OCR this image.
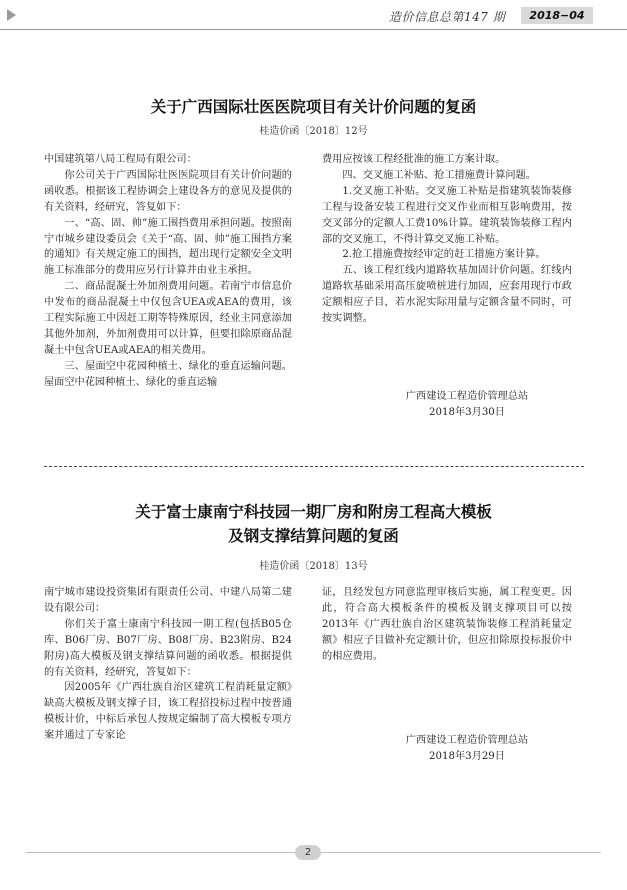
造价信息总第147 期	2018−04
关于广西国际壮医医院项目有关计价问题的复函
桂造价函〔2018〕12号

中国建筑第八局工程局有限公司：

你公司关于广西国际壮医医院项目有关计价问题的函收悉。根据该工程协调会上建设各方的意见及提供的有关资料，经研究，答复如下：

一、“高、固、帅”施工围挡费用承担问题。按照南宁市城乡建设委员会《关于“高、固、帅”施工围挡方案的通知》有关规定施工的围挡，超出现行定额安全文明施工标准部分的费用应另行计算并由业主承担。

二、商品混凝土外加剂费用问题。若南宁市信息价中发布的商品混凝土中仅包含UEA或AEA的费用，该工程实际施工中因赶工期等特殊原因，经业主同意添加其他外加剂，外加剂费用可以计算，但要扣除原商品混凝土中包含UEA或AEA的相关费用。

三、屋面空中花园种植土、绿化的垂直运输问题。屋面空中花园种植土、绿化的垂直运输

费用应按该工程经批准的施工方案计取。

四、交叉施工补贴、抢工措施费计算问题。

1.交叉施工补贴。交叉施工补贴是指建筑装饰装修工程与设备安装工程进行交叉作业而相互影响费用，按交叉部分的定额人工费10%计算。建筑装饰装修工程内部的交叉施工，不得计算交叉施工补贴。

2.抢工措施费按经审定的赶工措施方案计算。

五、该工程红线内道路软基加固计价问题。红线内道路软基础采用高压旋喷桩进行加固，应套用现行市政定额相应子目，若水泥实际用量与定额含量不同时，可按实调整。

广西建设工程造价管理总站

2018年3月30日

关于富士康南宁科技园一期厂房和附房工程高大模板
及钢支撑结算问题的复函
桂造价函〔2018〕13号

南宁城市建设投资集团有限责任公司、中建八局第二建设有限公司：

你们关于富士康南宁科技园一期工程(包括B05仓库、B06厂房、B07厂房、B08厂房、B23附房、B24附房)高大模板及钢支撑结算问题的函收悉。根据提供的有关资料，经研究，答复如下：

因2005年《广西壮族自治区建筑工程消耗量定额》缺高大模板及钢支撑子目，该工程招投标过程中按普通模板计价，中标后承包人按规定编制了高大模板专项方案并通过了专家论

证，且经发包方同意监理审核后实施，属工程变更。因此，符合高大模板条件的模板及钢支撑项目可以按2013年《广西壮族自治区建筑装饰装修工程消耗量定额》相应子目做补充定额计价，但应扣除原投标报价中的相应费用。

广西建设工程造价管理总站

2018年3月29日

2
